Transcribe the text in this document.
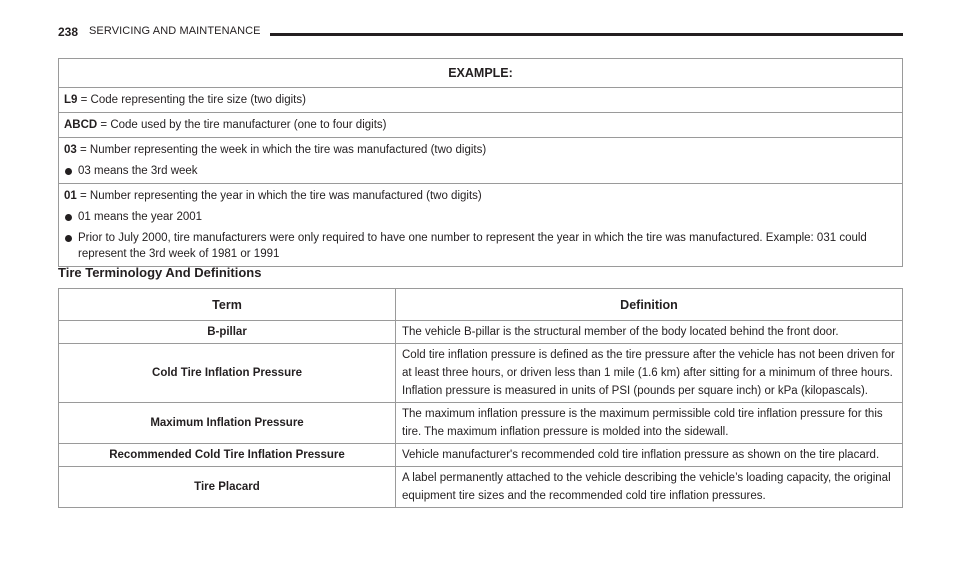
238 SERVICING AND MAINTENANCE
EXAMPLE:
L9 = Code representing the tire size (two digits)
ABCD = Code used by the tire manufacturer (one to four digits)

03 = Number representing the week in which the tire was manufactured (two digits)
03 means the 3rd week

01 = Number representing the year in which the tire was manufactured (two digits)
01 means the year 2001
Prior to July 2000, tire manufacturers were only required to have one number to represent the year in which the tire was manufactured. Example: 031 could represent the 3rd week of 1981 or 1991
Tire Terminology And Definitions
Term	Definition
B-pillar	The vehicle B-pillar is the structural member of the body located behind the front door.
Cold Tire Inflation Pressure	Cold tire inflation pressure is defined as the tire pressure after the vehicle has not been driven for at least three hours, or driven less than 1 mile (1.6 km) after sitting for a minimum of three hours. Inflation pressure is measured in units of PSI (pounds per square inch) or kPa (kilopascals).
Maximum Inflation Pressure	The maximum inflation pressure is the maximum permissible cold tire inflation pressure for this tire. The maximum inflation pressure is molded into the sidewall.
Recommended Cold Tire Inflation Pressure	Vehicle manufacturer's recommended cold tire inflation pressure as shown on the tire placard.
Tire Placard	A label permanently attached to the vehicle describing the vehicle’s loading capacity, the original equipment tire sizes and the recommended cold tire inflation pressures.
